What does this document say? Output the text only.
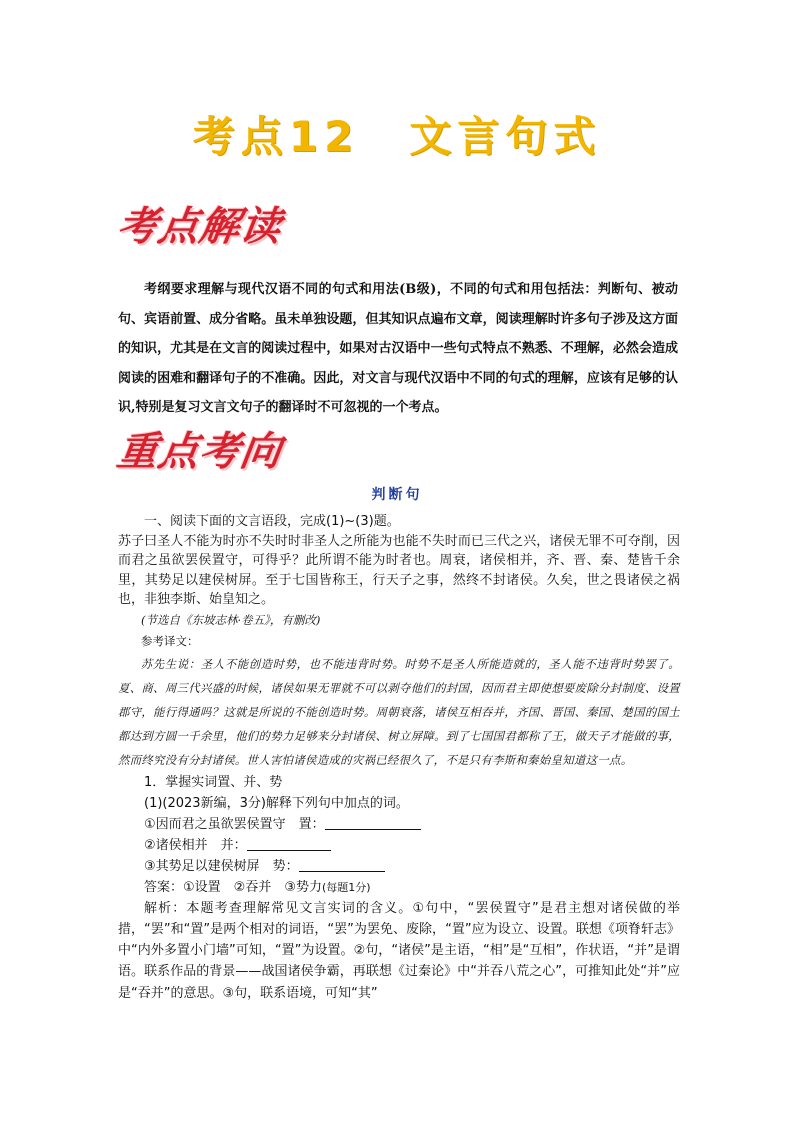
考点12 文言句式
考点解读

考纲要求理解与现代汉语不同的句式和用法(B级)，不同的句式和用包括法：判断句、被动句、宾语前置、成分省略。虽未单独设题，但其知识点遍布文章，阅读理解时许多句子涉及这方面的知识，尤其是在文言的阅读过程中，如果对古汉语中一些句式特点不熟悉、不理解，必然会造成阅读的困难和翻译句子的不准确。因此，对文言与现代汉语中不同的句式的理解，应该有足够的认识,特别是复习文言文句子的翻译时不可忽视的一个考点。

重点考向
判断句

一、阅读下面的文言语段，完成(1)~(3)题。

苏子曰圣人不能为时亦不失时时非圣人之所能为也能不失时而已三代之兴，诸侯无罪不可夺削，因而君之虽欲罢侯置守，可得乎？此所谓不能为时者也。周衰，诸侯相并，齐、晋、秦、楚皆千余里，其势足以建侯树屏。至于七国皆称王，行天子之事，然终不封诸侯。久矣，世之畏诸侯之祸也，非独李斯、始皇知之。

(节选自《东坡志林·卷五》，有删改)

参考译文：

苏先生说：圣人不能创造时势，也不能违背时势。时势不是圣人所能造就的，圣人能不违背时势罢了。夏、商、周三代兴盛的时候，诸侯如果无罪就不可以剥夺他们的封国，因而君主即使想要废除分封制度、设置郡守，能行得通吗？这就是所说的不能创造时势。周朝衰落，诸侯互相吞并，齐国、晋国、秦国、楚国的国土都达到方圆一千余里，他们的势力足够来分封诸侯、树立屏障。到了七国国君都称了王，做天子才能做的事，然而终究没有分封诸侯。世人害怕诸侯造成的灾祸已经很久了，不是只有李斯和秦始皇知道这一点。

1．掌握实词置、并、势

(1)(2023新编，3分)解释下列句中加点的词。

①因而君之虽欲罢侯置守　置：

②诸侯相并　并：

③其势足以建侯树屏　势：

答案：①设置　②吞并　③势力(每题1分)

解析：本题考查理解常见文言实词的含义。①句中，“罢侯置守”是君主想对诸侯做的举措，“罢”和“置”是两个相对的词语，“罢”为罢免、废除，“置”应为设立、设置。联想《项脊轩志》中“内外多置小门墙”可知，“置”为设置。②句，“诸侯”是主语，“相”是“互相”，作状语，“并”是谓语。联系作品的背景——战国诸侯争霸，再联想《过秦论》中“并吞八荒之心”，可推知此处“并”应是“吞并”的意思。③句，联系语境，可知“其”
